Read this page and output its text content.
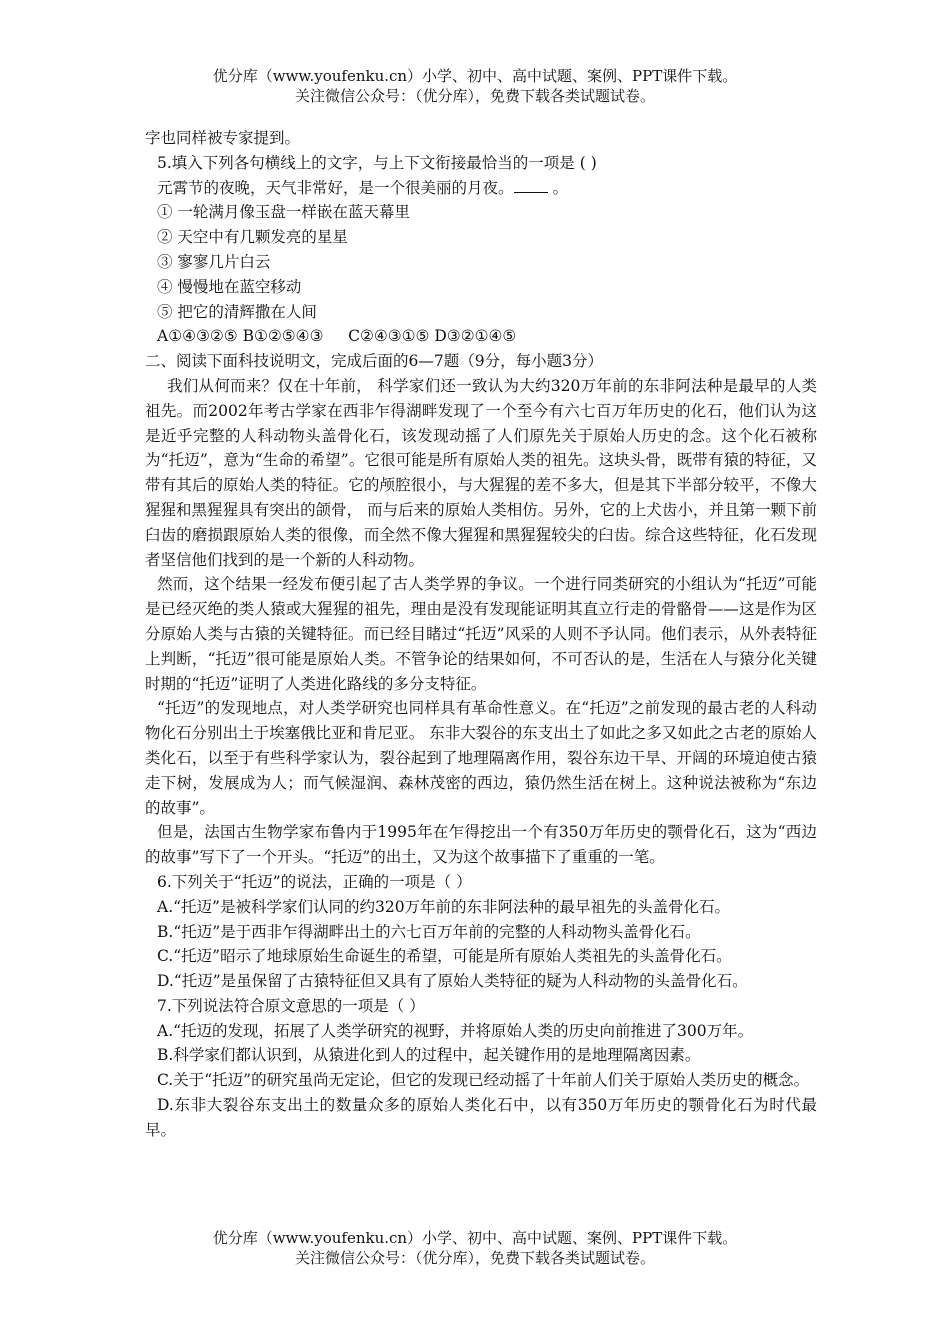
优分库（www.youfenku.cn）小学、初中、高中试题、案例、PPT课件下载。
关注微信公众号：（优分库），免费下载各类试题试卷。
字也同样被专家提到。
5.填入下列各句横线上的文字，与上下文衔接最恰当的一项是 ( )
元霄节的夜晚，天气非常好，是一个很美丽的月夜。 。
① 一轮满月像玉盘一样嵌在蓝天幕里
② 天空中有几颗发亮的星星
③ 寥寥几片白云
④ 慢慢地在蓝空移动
⑤ 把它的清辉撒在人间
A①④③②⑤ B①②⑤④③     C②④③①⑤ D③②①④⑤
二、阅读下面科技说明文，完成后面的6—7题（9分，每小题3分）
我们从何而来？仅在十年前， 科学家们还一致认为大约320万年前的东非阿法种是最早的人类祖先。而2002年考古学家在西非乍得湖畔发现了一个至今有六七百万年历史的化石，他们认为这是近乎完整的人科动物头盖骨化石，该发现动摇了人们原先关于原始人历史的念。这个化石被称为“托迈”，意为“生命的希望”。它很可能是所有原始人类的祖先。这块头骨，既带有猿的特征，又带有其后的原始人类的特征。它的颅腔很小，与大猩猩的差不多大，但是其下半部分较平，不像大猩猩和黑猩猩具有突出的颌骨， 而与后来的原始人类相仿。另外，它的上犬齿小，并且第一颗下前臼齿的磨损跟原始人类的很像，而全然不像大猩猩和黑猩猩较尖的臼齿。综合这些特征，化石发现者坚信他们找到的是一个新的人科动物。
然而，这个结果一经发布便引起了古人类学界的争议。一个进行同类研究的小组认为“托迈”可能是已经灭绝的类人猿或大猩猩的祖先，理由是没有发现能证明其直立行走的骨骼骨——这是作为区分原始人类与古猿的关键特征。而已经目睹过“托迈”风采的人则不予认同。他们表示，从外表特征上判断，“托迈”很可能是原始人类。不管争论的结果如何，不可否认的是，生活在人与猿分化关键时期的“托迈”证明了人类进化路线的多分支特征。
“托迈”的发现地点，对人类学研究也同样具有革命性意义。在“托迈”之前发现的最古老的人科动物化石分别出土于埃塞俄比亚和肯尼亚。 东非大裂谷的东支出土了如此之多又如此之古老的原始人类化石，以至于有些科学家认为，裂谷起到了地理隔离作用，裂谷东边干旱、开阔的环境迫使古猿走下树，发展成为人；而气候湿润、森林茂密的西边，猿仍然生活在树上。这种说法被称为“东边的故事”。
但是，法国古生物学家布鲁内于1995年在乍得挖出一个有350万年历史的颚骨化石，这为“西边的故事”写下了一个开头。“托迈”的出土，又为这个故事描下了重重的一笔。
6.下列关于“托迈”的说法，正确的一项是（ ）
A.“托迈”是被科学家们认同的约320万年前的东非阿法种的最早祖先的头盖骨化石。
B.“托迈”是于西非乍得湖畔出土的六七百万年前的完整的人科动物头盖骨化石。
C.“托迈”昭示了地球原始生命诞生的希望，可能是所有原始人类祖先的头盖骨化石。
D.“托迈”是虽保留了古猿特征但又具有了原始人类特征的疑为人科动物的头盖骨化石。
7.下列说法符合原文意思的一项是（ ）
A.“托迈的发现，拓展了人类学研究的视野，并将原始人类的历史向前推进了300万年。
B.科学家们都认识到，从猿进化到人的过程中，起关键作用的是地理隔离因素。
C.关于“托迈”的研究虽尚无定论，但它的发现已经动摇了十年前人们关于原始人类历史的概念。
D.东非大裂谷东支出土的数量众多的原始人类化石中，以有350万年历史的颚骨化石为时代最早。
优分库（www.youfenku.cn）小学、初中、高中试题、案例、PPT课件下载。
关注微信公众号：（优分库），免费下载各类试题试卷。
